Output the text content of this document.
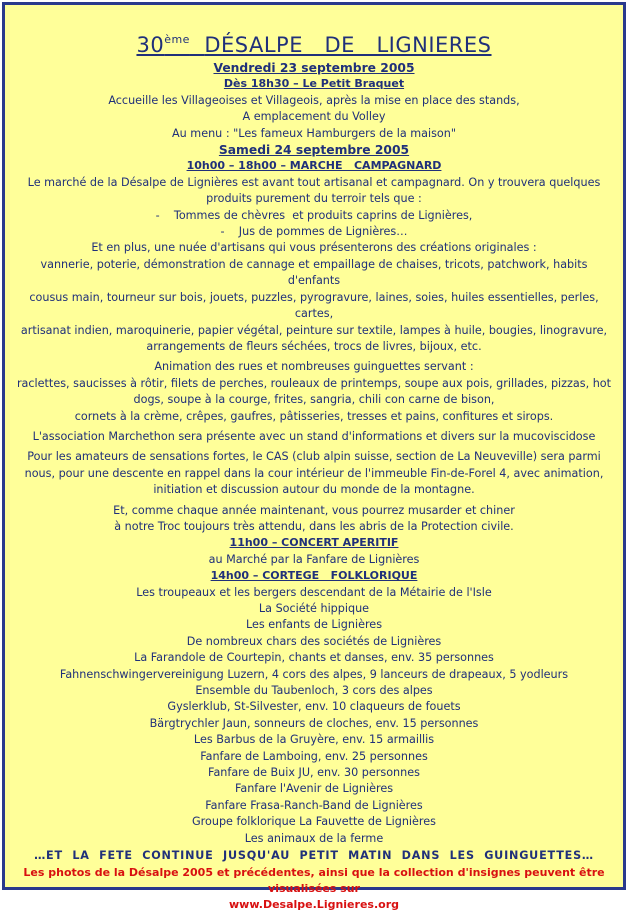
30ème DÉSALPE   DE   LIGNIERES
Vendredi 23 septembre 2005
Dès 18h30 – Le Petit Braquet
Accueille les Villageoises et Villageois, après la mise en place des stands,
A emplacement du Volley
Au menu : "Les fameux Hamburgers de la maison"
Samedi 24 septembre 2005
10h00 – 18h00 – MARCHE   CAMPAGNARD
Le marché de la Désalpe de Lignières est avant tout artisanal et campagnard. On y trouvera quelques
produits purement du terroir tels que :
-    Tommes de chèvres  et produits caprins de Lignières,
-    Jus de pommes de Lignières…
Et en plus, une nuée d'artisans qui vous présenterons des créations originales :
vannerie, poterie, démonstration de cannage et empaillage de chaises, tricots, patchwork, habits d'enfants
cousus main, tourneur sur bois, jouets, puzzles, pyrogravure, laines, soies, huiles essentielles, perles, cartes,
artisanat indien, maroquinerie, papier végétal, peinture sur textile, lampes à huile, bougies, linogravure,
arrangements de fleurs séchées, trocs de livres, bijoux, etc.
Animation des rues et nombreuses guinguettes servant :
raclettes, saucisses à rôtir, filets de perches, rouleaux de printemps, soupe aux pois, grillades, pizzas, hot
dogs, soupe à la courge, frites, sangria, chili con carne de bison,
cornets à la crème, crêpes, gaufres, pâtisseries, tresses et pains, confitures et sirops.
L'association Marchethon sera présente avec un stand d'informations et divers sur la mucoviscidose
Pour les amateurs de sensations fortes, le CAS (club alpin suisse, section de La Neuveville) sera parmi
nous, pour une descente en rappel dans la cour intérieur de l'immeuble Fin-de-Forel 4, avec animation,
initiation et discussion autour du monde de la montagne.
Et, comme chaque année maintenant, vous pourrez musarder et chiner
à notre Troc toujours très attendu, dans les abris de la Protection civile.
11h00 – CONCERT APERITIF
au Marché par la Fanfare de Lignières
14h00 – CORTEGE   FOLKLORIQUE
Les troupeaux et les bergers descendant de la Métairie de l'Isle
La Société hippique
Les enfants de Lignières
De nombreux chars des sociétés de Lignières
La Farandole de Courtepin, chants et danses, env. 35 personnes
Fahnenschwingervereinigung Luzern, 4 cors des alpes, 9 lanceurs de drapeaux, 5 yodleurs
Ensemble du Taubenloch, 3 cors des alpes
Gyslerklub, St-Silvester, env. 10 claqueurs de fouets
Bärgtrychler Jaun, sonneurs de cloches, env. 15 personnes
Les Barbus de la Gruyère, env. 15 armaillis
Fanfare de Lamboing, env. 25 personnes
Fanfare de Buix JU, env. 30 personnes
Fanfare l'Avenir de Lignières
Fanfare Frasa-Ranch-Band de Lignières
Groupe folklorique La Fauvette de Lignières
Les animaux de la ferme
…ET  LA  FETE  CONTINUE  JUSQU'AU  PETIT  MATIN  DANS  LES  GUINGUETTES…
Les photos de la Désalpe 2005 et précédentes, ainsi que la collection d'insignes peuvent être visualisées sur
www.Desalpe.Lignieres.org
